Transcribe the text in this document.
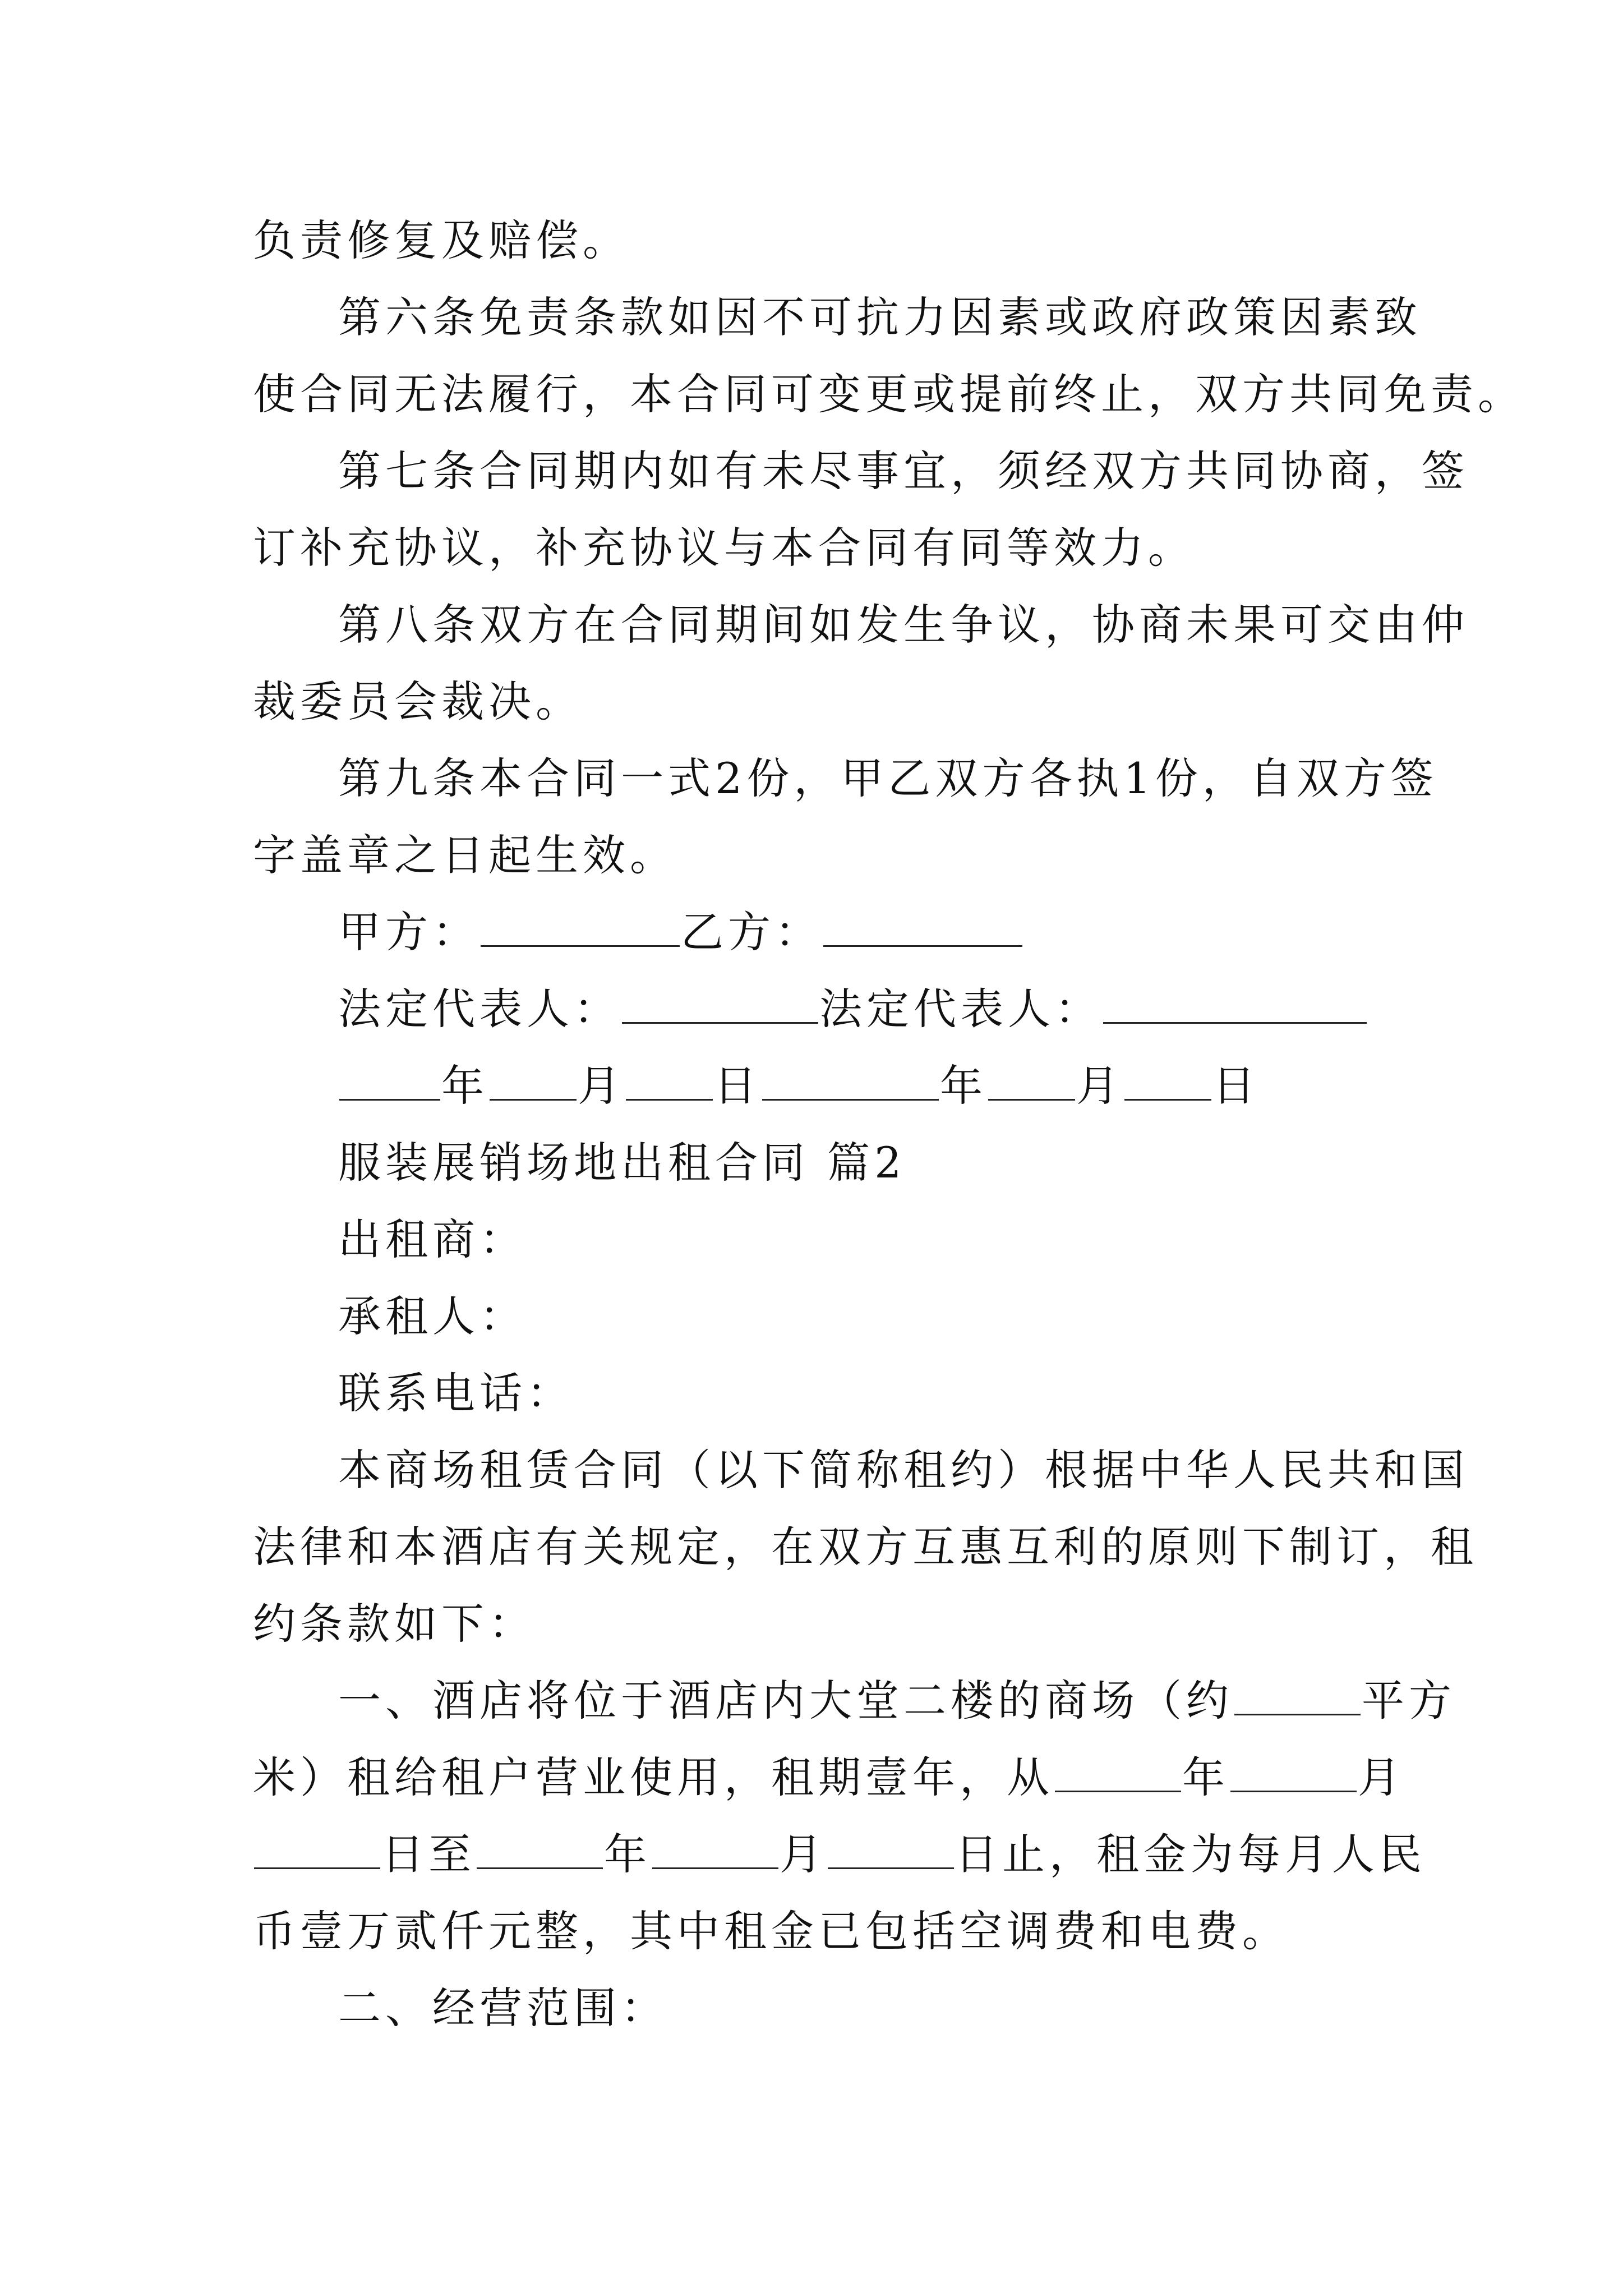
负责修复及赔偿。
第六条免责条款如因不可抗力因素或政府政策因素致
使合同无法履行，本合同可变更或提前终止，双方共同免责。
第七条合同期内如有未尽事宜，须经双方共同协商，签
订补充协议，补充协议与本合同有同等效力。
第八条双方在合同期间如发生争议，协商未果可交由仲
裁委员会裁决。
第九条本合同一式2份，甲乙双方各执1份，自双方签
字盖章之日起生效。
甲方：	乙方：
法定代表人：	法定代表人：
年 月 日	年 月 日
服装展销场地出租合同 篇2
出租商：
承租人：
联系电话：
本商场租赁合同（以下简称租约）根据中华人民共和国
法律和本酒店有关规定，在双方互惠互利的原则下制订，租
约条款如下：
一、酒店将位于酒店内大堂二楼的商场（约	平方
米）租给租户营业使用，租期壹年，从	年	月
日至	年	月	日止，租金为每月人民
币壹万贰仟元整，其中租金已包括空调费和电费。
二、经营范围：
